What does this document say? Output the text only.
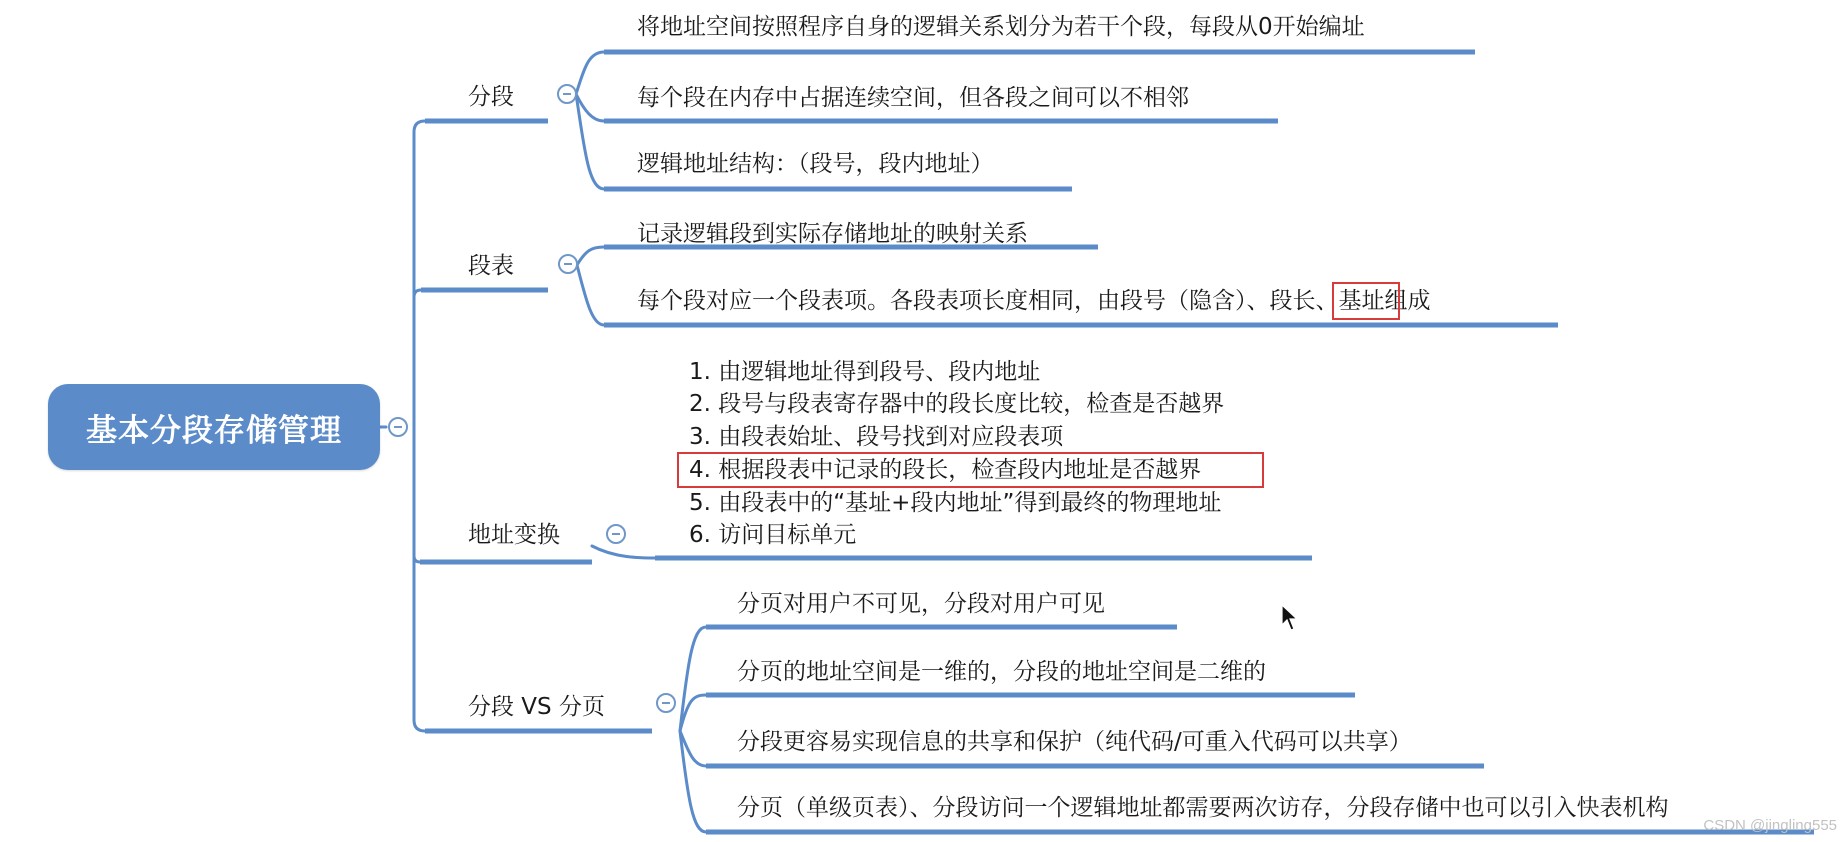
基本分段存储管理
分段
将地址空间按照程序自身的逻辑关系划分为若干个段，每段从0开始编址
每个段在内存中占据连续空间，但各段之间可以不相邻
逻辑地址结构：（段号，段内地址）
段表
记录逻辑段到实际存储地址的映射关系
每个段对应一个段表项。各段表项长度相同，由段号（隐含）、段长、基址组成
地址变换
1. 由逻辑地址得到段号、段内地址
2. 段号与段表寄存器中的段长度比较，检查是否越界
3. 由段表始址、段号找到对应段表项
4. 根据段表中记录的段长，检查段内地址是否越界
5. 由段表中的“基址+段内地址”得到最终的物理地址
6. 访问目标单元
分段 VS 分页
分页对用户不可见，分段对用户可见
分页的地址空间是一维的，分段的地址空间是二维的
分段更容易实现信息的共享和保护（纯代码/可重入代码可以共享）
分页（单级页表）、分段访问一个逻辑地址都需要两次访存，分段存储中也可以引入快表机构
CSDN @jingling555
